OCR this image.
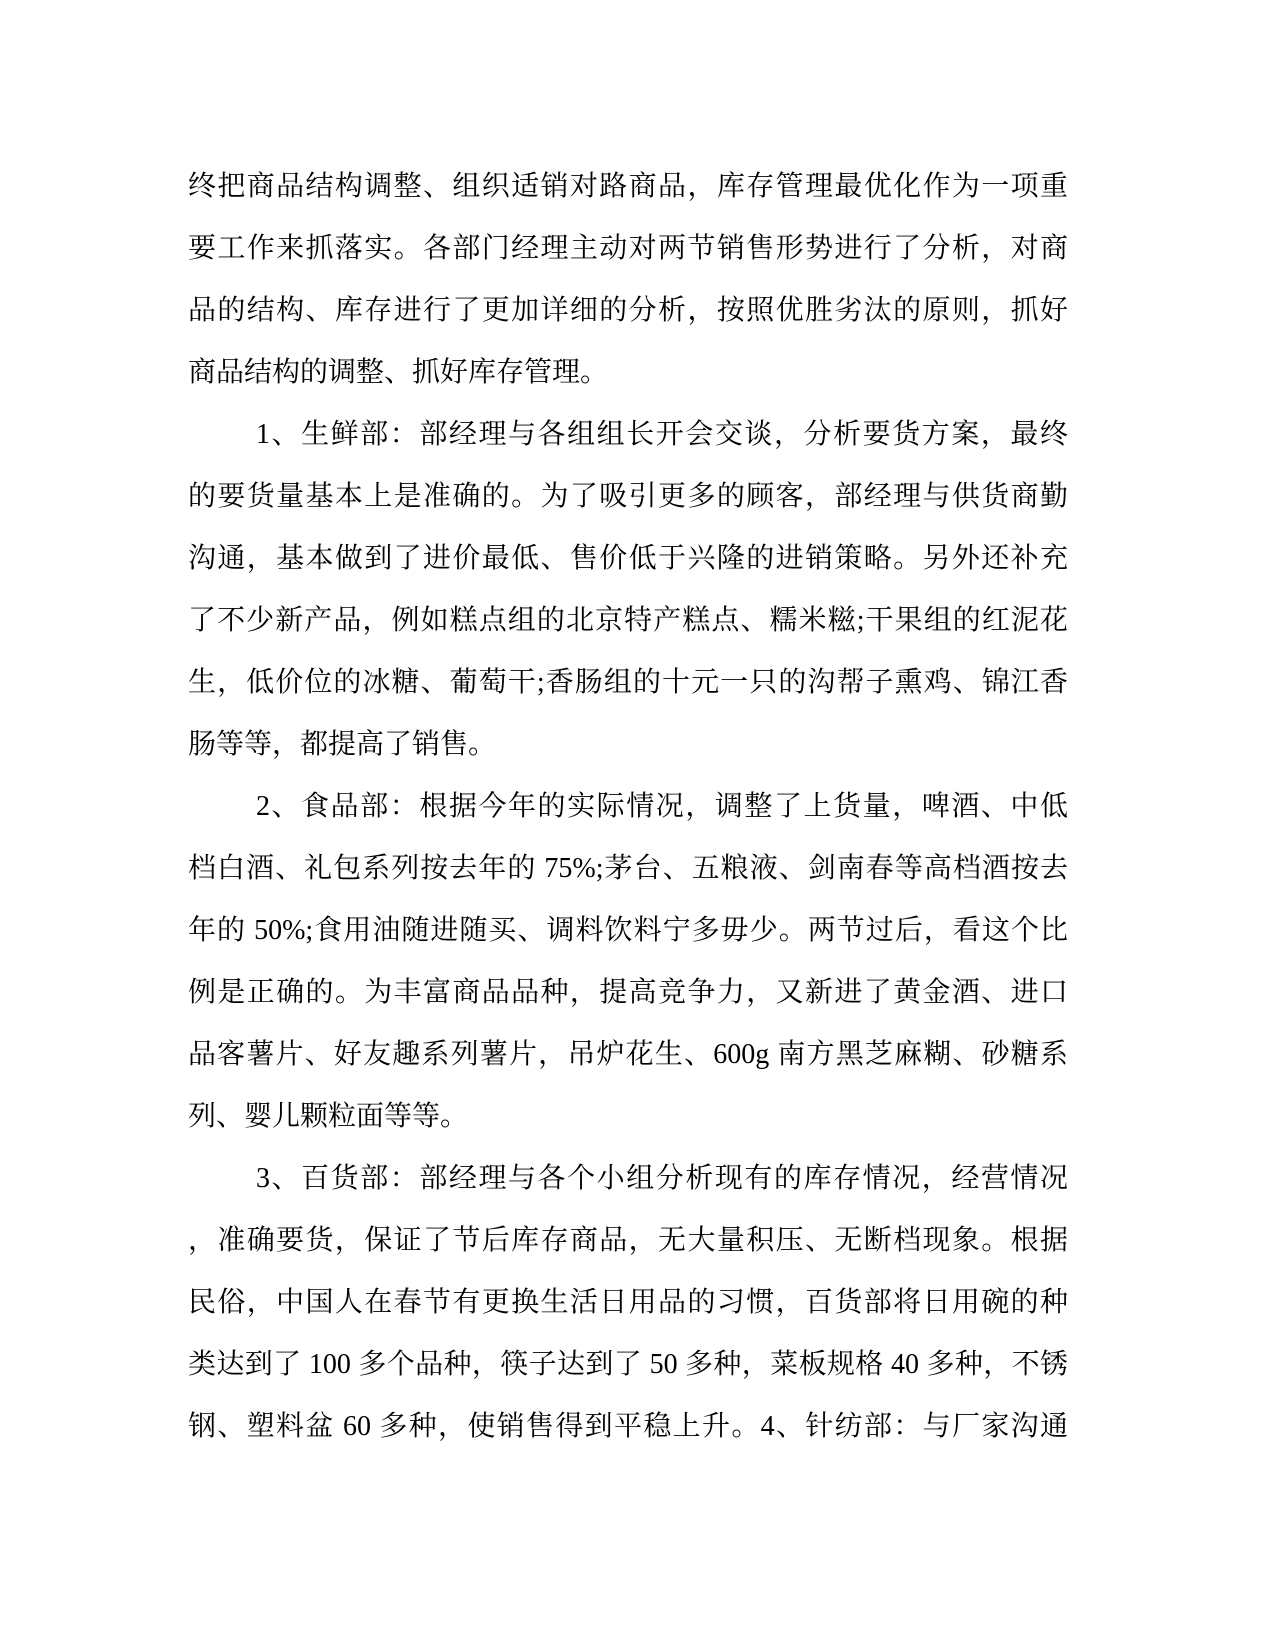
终把商品结构调整、组织适销对路商品，库存管理最优化作为一项重
要工作来抓落实。各部门经理主动对两节销售形势进行了分析，对商
品的结构、库存进行了更加详细的分析，按照优胜劣汰的原则，抓好
商品结构的调整、抓好库存管理。
1、生鲜部：部经理与各组组长开会交谈，分析要货方案，最终
的要货量基本上是准确的。为了吸引更多的顾客，部经理与供货商勤
沟通，基本做到了进价最低、售价低于兴隆的进销策略。另外还补充
了不少新产品，例如糕点组的北京特产糕点、糯米糍;干果组的红泥花
生，低价位的冰糖、葡萄干;香肠组的十元一只的沟帮子熏鸡、锦江香
肠等等，都提高了销售。
2、食品部：根据今年的实际情况，调整了上货量，啤酒、中低
档白酒、礼包系列按去年的 75%;茅台、五粮液、剑南春等高档酒按去
年的 50%;食用油随进随买、调料饮料宁多毋少。两节过后，看这个比
例是正确的。为丰富商品品种，提高竞争力，又新进了黄金酒、进口
品客薯片、好友趣系列薯片，吊炉花生、600g 南方黑芝麻糊、砂糖系
列、婴儿颗粒面等等。
3、百货部：部经理与各个小组分析现有的库存情况，经营情况
，准确要货，保证了节后库存商品，无大量积压、无断档现象。根据
民俗，中国人在春节有更换生活日用品的习惯，百货部将日用碗的种
类达到了 100 多个品种，筷子达到了 50 多种，菜板规格 40 多种，不锈
钢、塑料盆 60 多种，使销售得到平稳上升。4、针纺部：与厂家沟通
